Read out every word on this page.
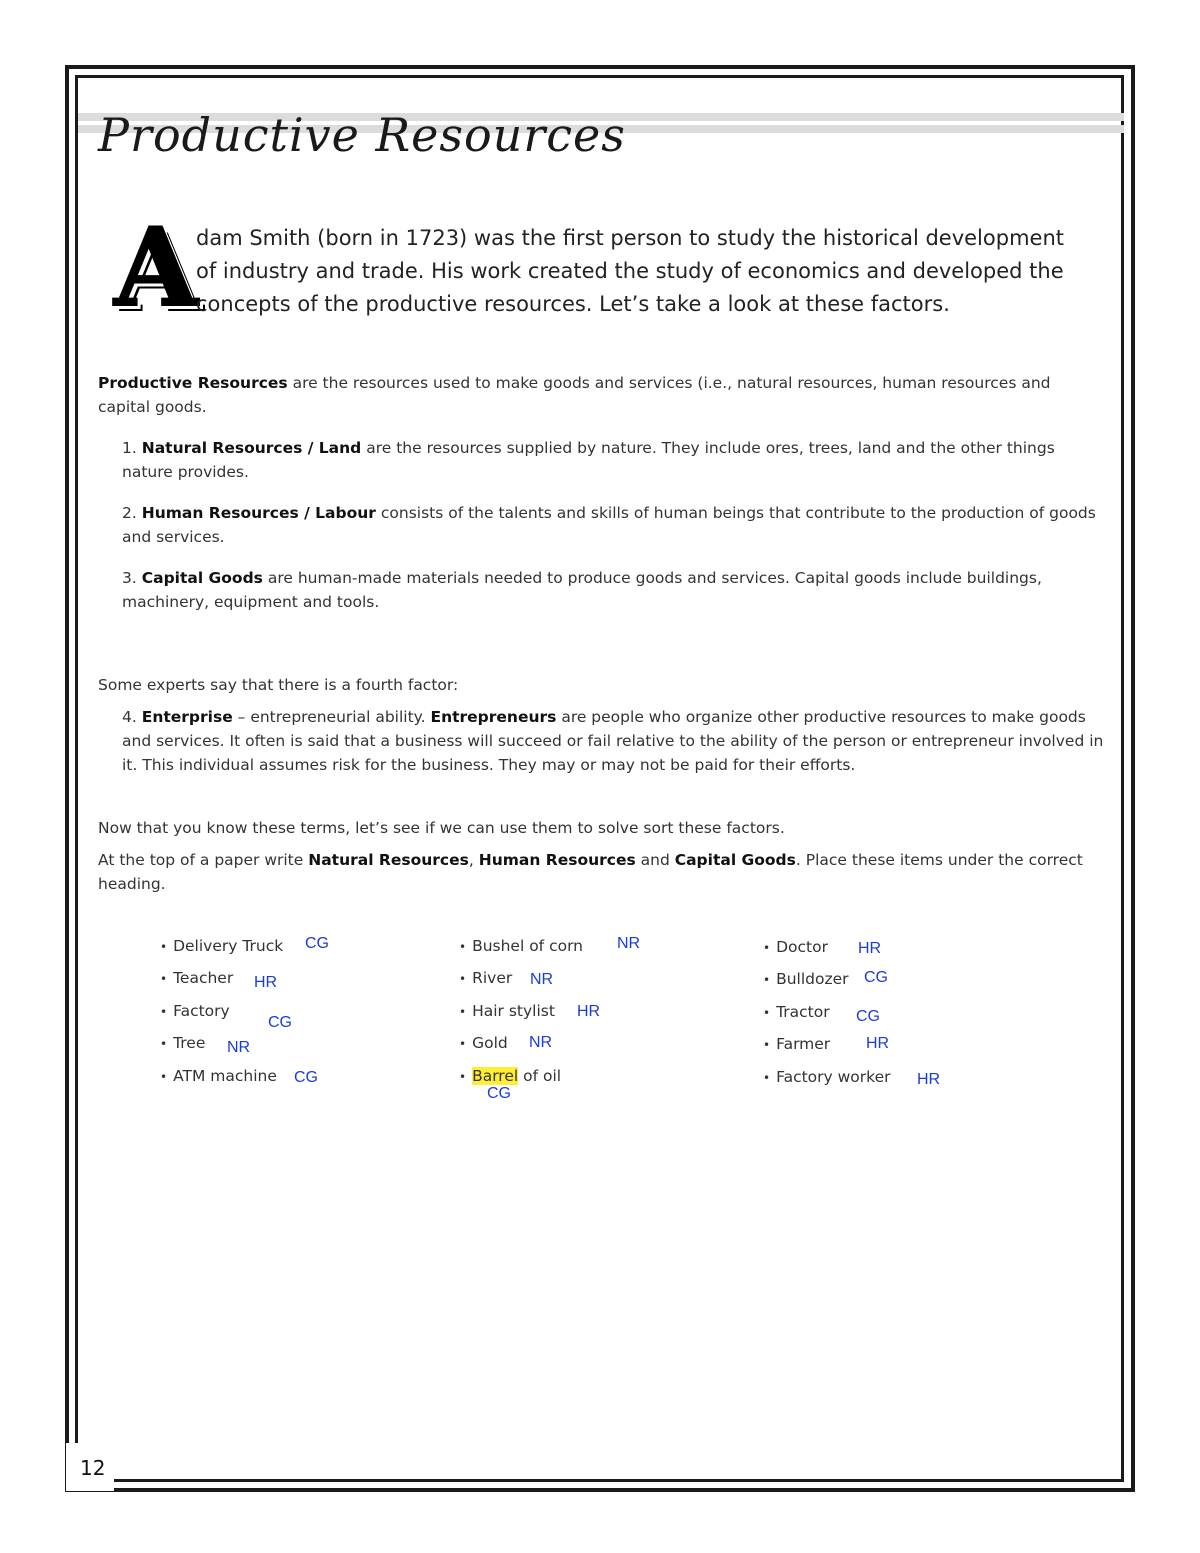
Productive Resources
A

dam Smith (born in 1723) was the first person to study the historical development of industry and trade. His work created the study of economics and developed the concepts of the productive resources. Let’s take a look at these factors.

Productive Resources are the resources used to make goods and services (i.e., natural resources, human resources and capital goods.

1. Natural Resources / Land are the resources supplied by nature. They include ores, trees, land and the other things nature provides.

2. Human Resources / Labour consists of the talents and skills of human beings that contribute to the production of goods and services.

3. Capital Goods are human-made materials needed to produce goods and services. Capital goods include buildings, machinery, equipment and tools.

Some experts say that there is a fourth factor:

4. Enterprise – entrepreneurial ability. Entrepreneurs are people who organize other productive resources to make goods and services. It often is said that a business will succeed or fail relative to the ability of the person or entrepreneur involved in it. This individual assumes risk for the business. They may or may not be paid for their efforts.

Now that you know these terms, let’s see if we can use them to solve sort these factors.

At the top of a paper write Natural Resources, Human Resources and Capital Goods. Place these items under the correct heading.

• Delivery Truck CG
• Teacher HR
• Factory
CG
• Tree NR
• ATM machine CG
• Bushel of corn NR
• River NR
• Hair stylist HR
• Gold NR
• Barrel of oil
CG
• Doctor HR
• Bulldozer CG
• Tractor CG
• Farmer HR
• Factory worker HR
12
